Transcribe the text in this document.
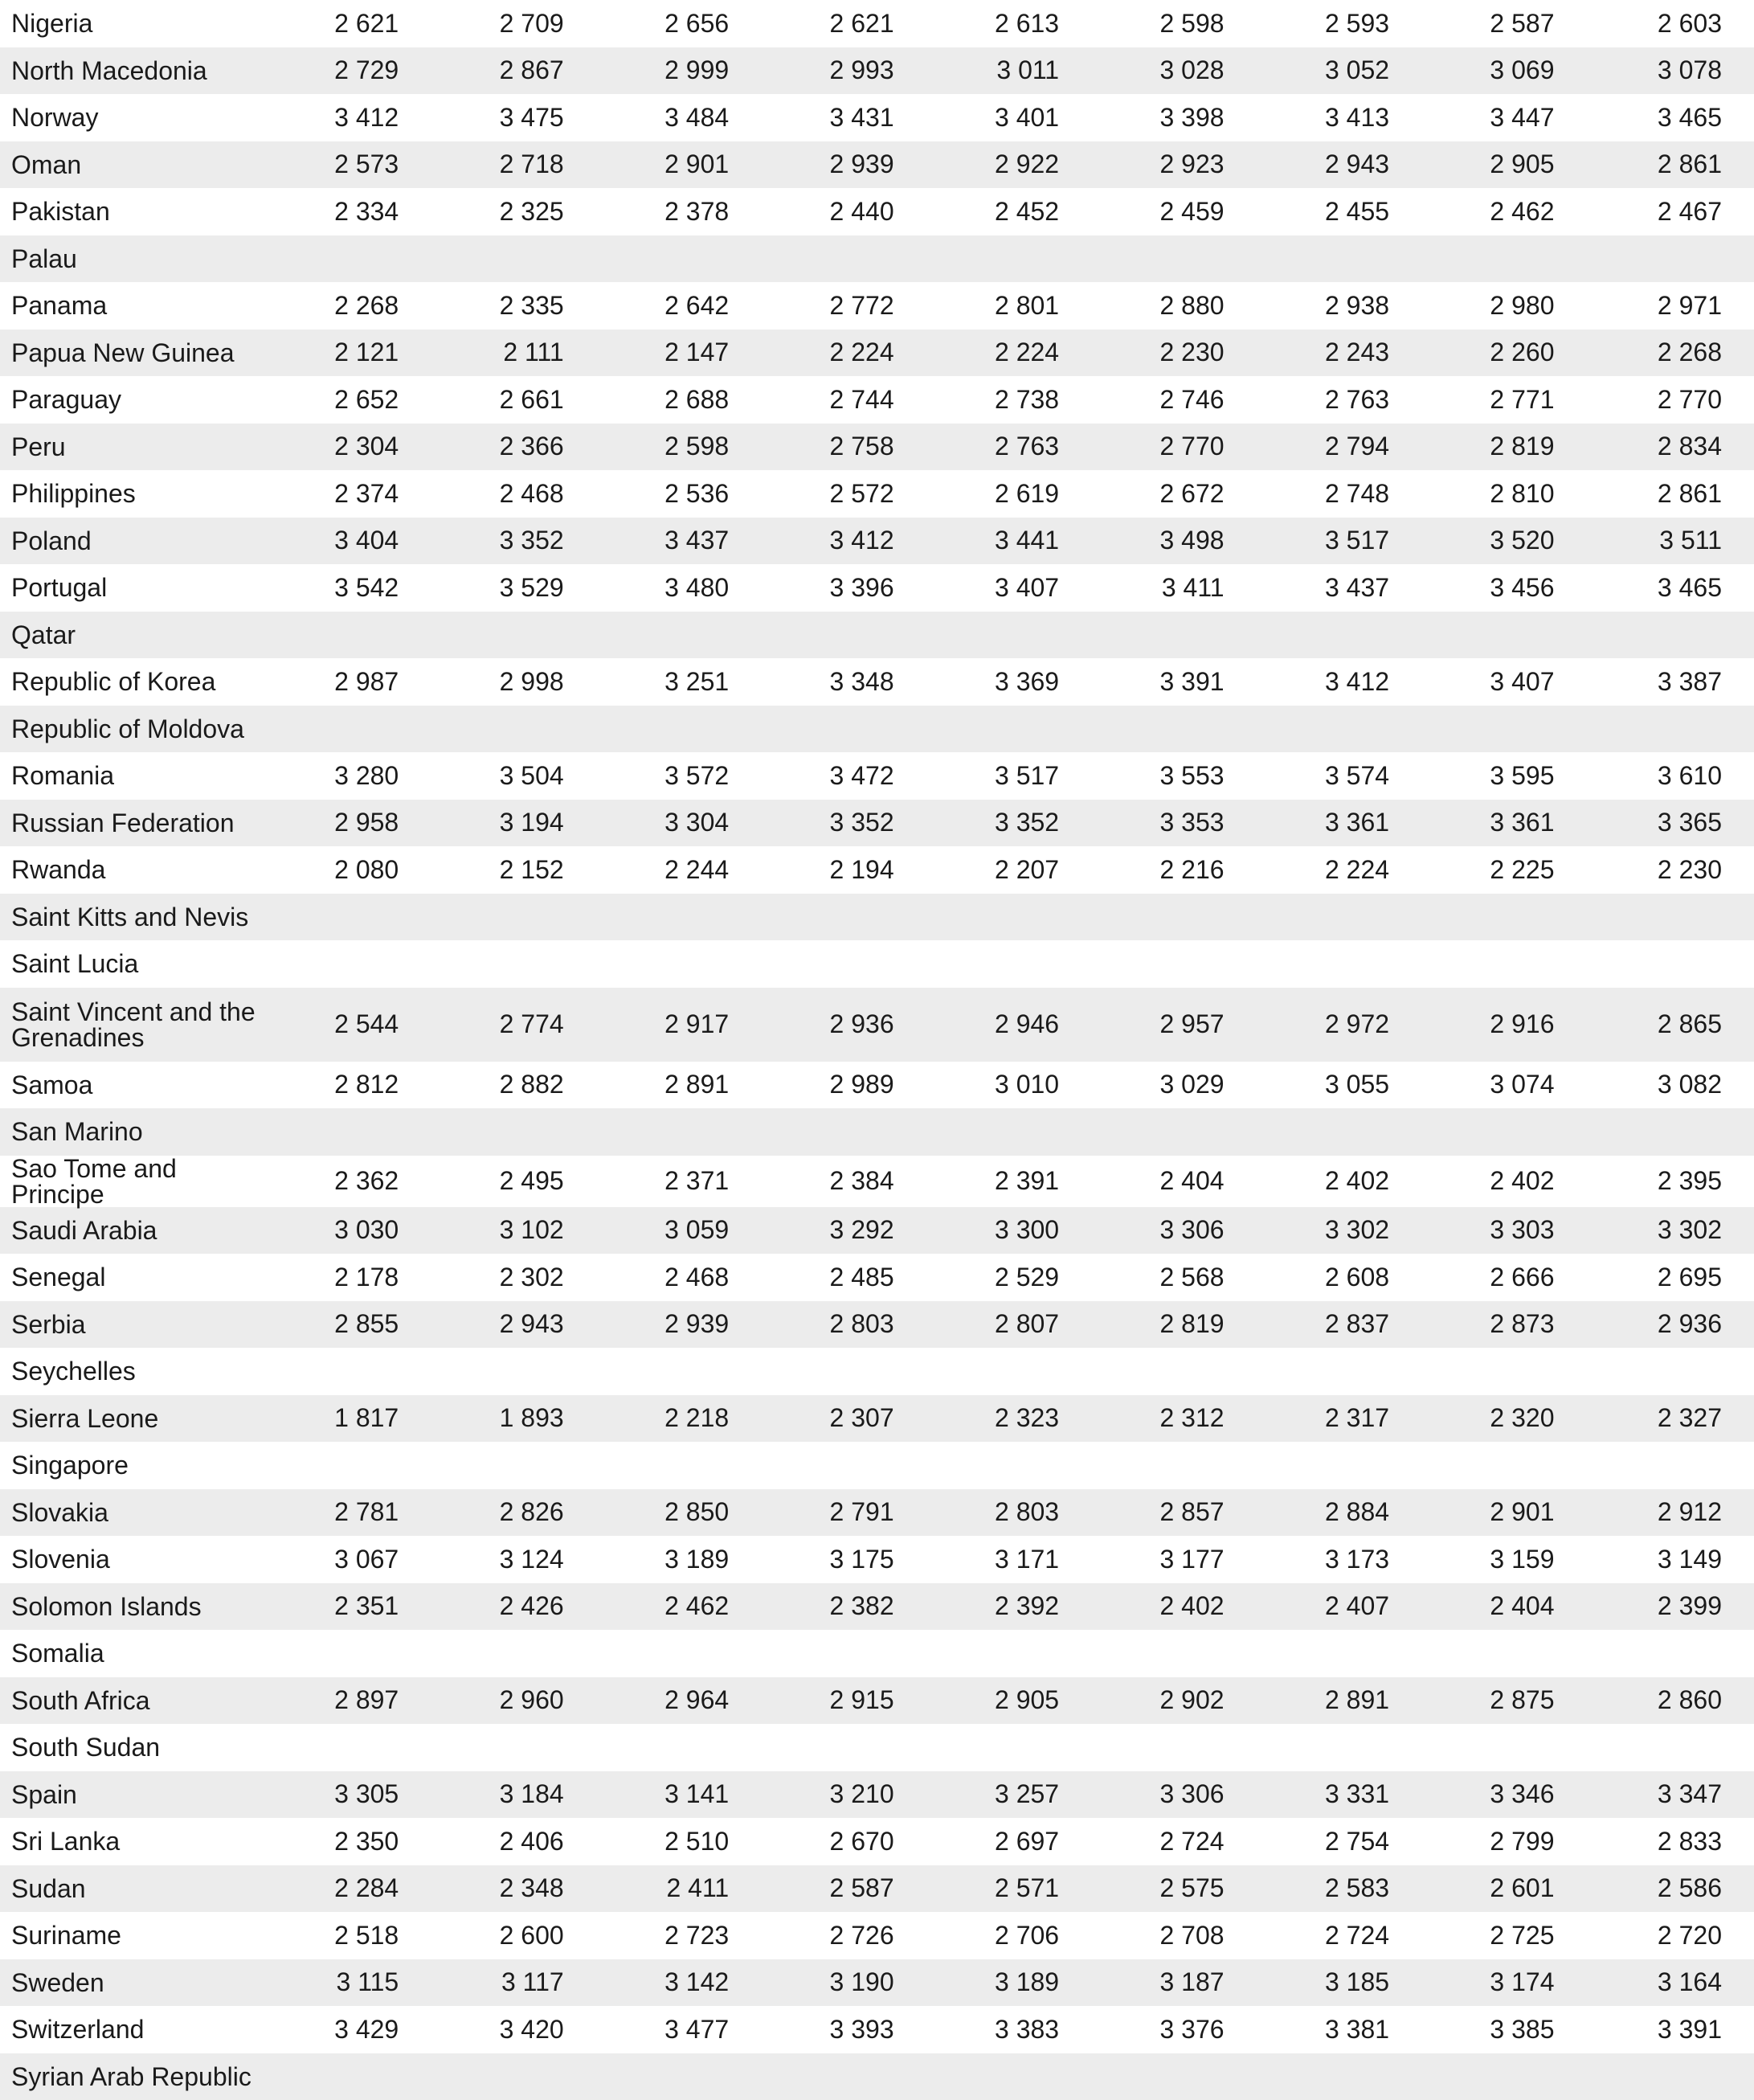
Nigeria	2 621	2 709	2 656	2 621	2 613	2 598	2 593	2 587	2 603
North Macedonia	2 729	2 867	2 999	2 993	3 011	3 028	3 052	3 069	3 078
Norway	3 412	3 475	3 484	3 431	3 401	3 398	3 413	3 447	3 465
Oman	2 573	2 718	2 901	2 939	2 922	2 923	2 943	2 905	2 861
Pakistan	2 334	2 325	2 378	2 440	2 452	2 459	2 455	2 462	2 467
Palau									
Panama	2 268	2 335	2 642	2 772	2 801	2 880	2 938	2 980	2 971
Papua New Guinea	2 121	2 111	2 147	2 224	2 224	2 230	2 243	2 260	2 268
Paraguay	2 652	2 661	2 688	2 744	2 738	2 746	2 763	2 771	2 770
Peru	2 304	2 366	2 598	2 758	2 763	2 770	2 794	2 819	2 834
Philippines	2 374	2 468	2 536	2 572	2 619	2 672	2 748	2 810	2 861
Poland	3 404	3 352	3 437	3 412	3 441	3 498	3 517	3 520	3 511
Portugal	3 542	3 529	3 480	3 396	3 407	3 411	3 437	3 456	3 465
Qatar									
Republic of Korea	2 987	2 998	3 251	3 348	3 369	3 391	3 412	3 407	3 387
Republic of Moldova									
Romania	3 280	3 504	3 572	3 472	3 517	3 553	3 574	3 595	3 610
Russian Federation	2 958	3 194	3 304	3 352	3 352	3 353	3 361	3 361	3 365
Rwanda	2 080	2 152	2 244	2 194	2 207	2 216	2 224	2 225	2 230
Saint Kitts and Nevis									
Saint Lucia									
Saint Vincent and the Grenadines	2 544	2 774	2 917	2 936	2 946	2 957	2 972	2 916	2 865
Samoa	2 812	2 882	2 891	2 989	3 010	3 029	3 055	3 074	3 082
San Marino									
Sao Tome and Principe	2 362	2 495	2 371	2 384	2 391	2 404	2 402	2 402	2 395
Saudi Arabia	3 030	3 102	3 059	3 292	3 300	3 306	3 302	3 303	3 302
Senegal	2 178	2 302	2 468	2 485	2 529	2 568	2 608	2 666	2 695
Serbia	2 855	2 943	2 939	2 803	2 807	2 819	2 837	2 873	2 936
Seychelles									
Sierra Leone	1 817	1 893	2 218	2 307	2 323	2 312	2 317	2 320	2 327
Singapore									
Slovakia	2 781	2 826	2 850	2 791	2 803	2 857	2 884	2 901	2 912
Slovenia	3 067	3 124	3 189	3 175	3 171	3 177	3 173	3 159	3 149
Solomon Islands	2 351	2 426	2 462	2 382	2 392	2 402	2 407	2 404	2 399
Somalia									
South Africa	2 897	2 960	2 964	2 915	2 905	2 902	2 891	2 875	2 860
South Sudan									
Spain	3 305	3 184	3 141	3 210	3 257	3 306	3 331	3 346	3 347
Sri Lanka	2 350	2 406	2 510	2 670	2 697	2 724	2 754	2 799	2 833
Sudan	2 284	2 348	2 411	2 587	2 571	2 575	2 583	2 601	2 586
Suriname	2 518	2 600	2 723	2 726	2 706	2 708	2 724	2 725	2 720
Sweden	3 115	3 117	3 142	3 190	3 189	3 187	3 185	3 174	3 164
Switzerland	3 429	3 420	3 477	3 393	3 383	3 376	3 381	3 385	3 391
Syrian Arab Republic									
